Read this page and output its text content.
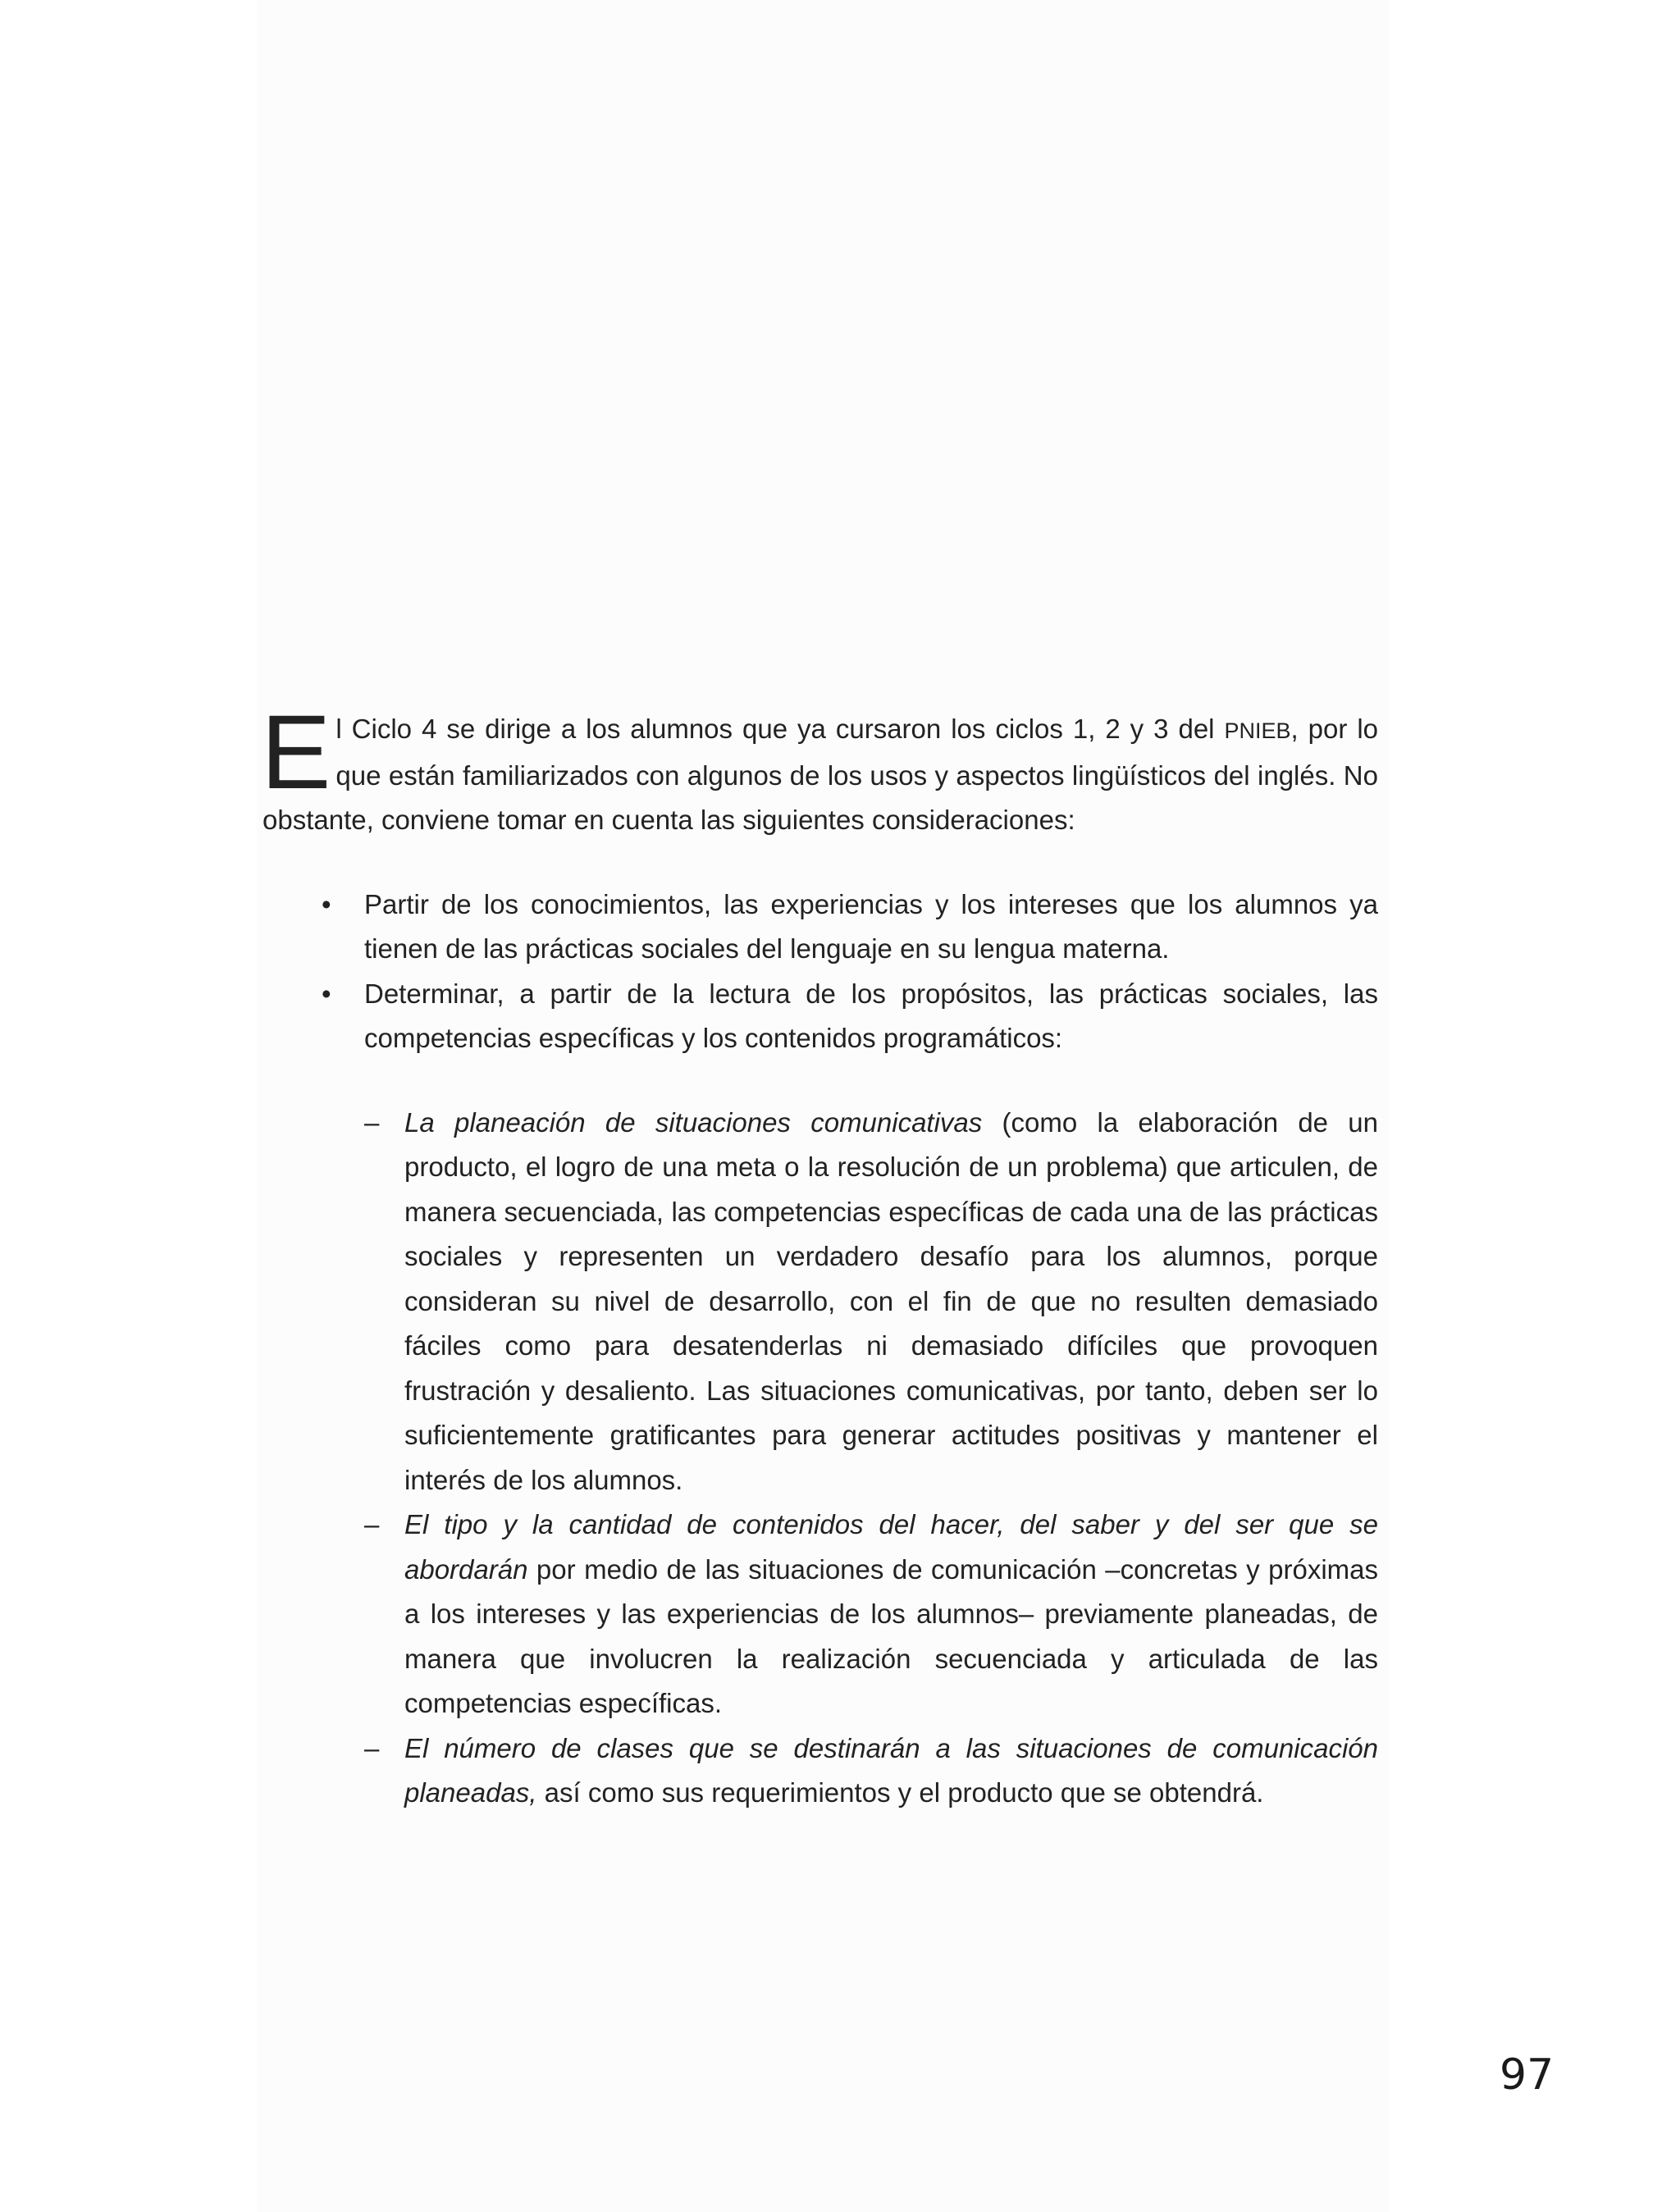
El Ciclo 4 se dirige a los alumnos que ya cursaron los ciclos 1, 2 y 3 del PNIEB, por lo que están familiarizados con algunos de los usos y aspectos lingüísticos del inglés. No obstante, conviene tomar en cuenta las siguientes consideraciones:

• Partir de los conocimientos, las experiencias y los intereses que los alumnos ya tienen de las prácticas sociales del lenguaje en su lengua materna.
• Determinar, a partir de la lectura de los propósitos, las prácticas sociales, las competencias específicas y los contenidos programáticos:
– La planeación de situaciones comunicativas (como la elaboración de un producto, el logro de una meta o la resolución de un problema) que articulen, de manera secuenciada, las competencias específicas de cada una de las prácticas sociales y representen un verdadero desafío para los alumnos, porque consideran su nivel de desarrollo, con el fin de que no resulten demasiado fáciles como para desatenderlas ni demasiado difíciles que provoquen frustración y desaliento. Las situaciones comunicativas, por tanto, deben ser lo suficientemente gratificantes para generar actitudes positivas y mantener el interés de los alumnos.
– El tipo y la cantidad de contenidos del hacer, del saber y del ser que se abordarán por medio de las situaciones de comunicación –concretas y próximas a los intereses y las experiencias de los alumnos– previamente planeadas, de manera que involucren la realización secuenciada y articulada de las competencias específicas.
– El número de clases que se destinarán a las situaciones de comunicación planeadas, así como sus requerimientos y el producto que se obtendrá.
97
